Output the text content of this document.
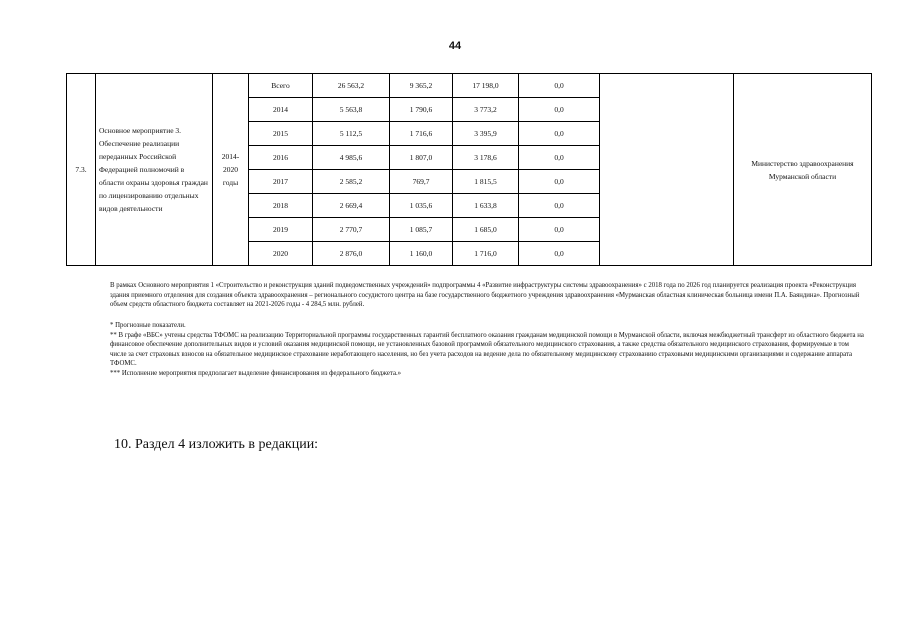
44
7.3.	Основное мероприятие 3. Обеспечение реализации переданных Российской Федерацией полномочий в области охраны здоровья граждан по лицензированию отдельных видов деятельности	2014-2020 годы	Всего	26 563,2	9 365,2	17 198,0	0,0		Министерство здравоохранения Мурманской области
			2014	5 563,8	1 790,6	3 773,2	0,0		
			2015	5 112,5	1 716,6	3 395,9	0,0		
			2016	4 985,6	1 807,0	3 178,6	0,0		
			2017	2 585,2	769,7	1 815,5	0,0		
			2018	2 669,4	1 035,6	1 633,8	0,0		
			2019	2 770,7	1 085,7	1 685,0	0,0		
			2020	2 876,0	1 160,0	1 716,0	0,0		

В рамках Основного мероприятия 1 «Строительство и реконструкция зданий подведомственных учреждений» подпрограммы 4 «Развитие инфраструктуры системы здравоохранения» с 2018 года по 2026 год планируется реализация проекта «Реконструкция здания приемного отделения для создания объекта здравоохранения – регионального сосудистого центра на базе государственного бюджетного учреждения здравоохранения «Мурманская областная клиническая больница имени П.А. Баяндина». Прогнозный объем средств областного бюджета составляет на 2021-2026 годы - 4 284,5 млн. рублей.

* Прогнозные показатели.

** В графе «ВБС» учтены средства ТФОМС на реализацию Территориальной программы государственных гарантий бесплатного оказания гражданам медицинской помощи в Мурманской области, включая межбюджетный трансферт из областного бюджета на финансовое обеспечение дополнительных видов и условий оказания медицинской помощи, не установленных базовой программой обязательного медицинского страхования, а также средства обязательного медицинского страхования, формируемые в том числе за счет страховых взносов на обязательное медицинское страхование неработающего населения, но без учета расходов на ведение дела по обязательному медицинскому страхованию страховыми медицинскими организациями и содержание аппарата ТФОМС.

*** Исполнение мероприятия предполагает выделение финансирования из федерального бюджета.»

10. Раздел 4 изложить в редакции:
